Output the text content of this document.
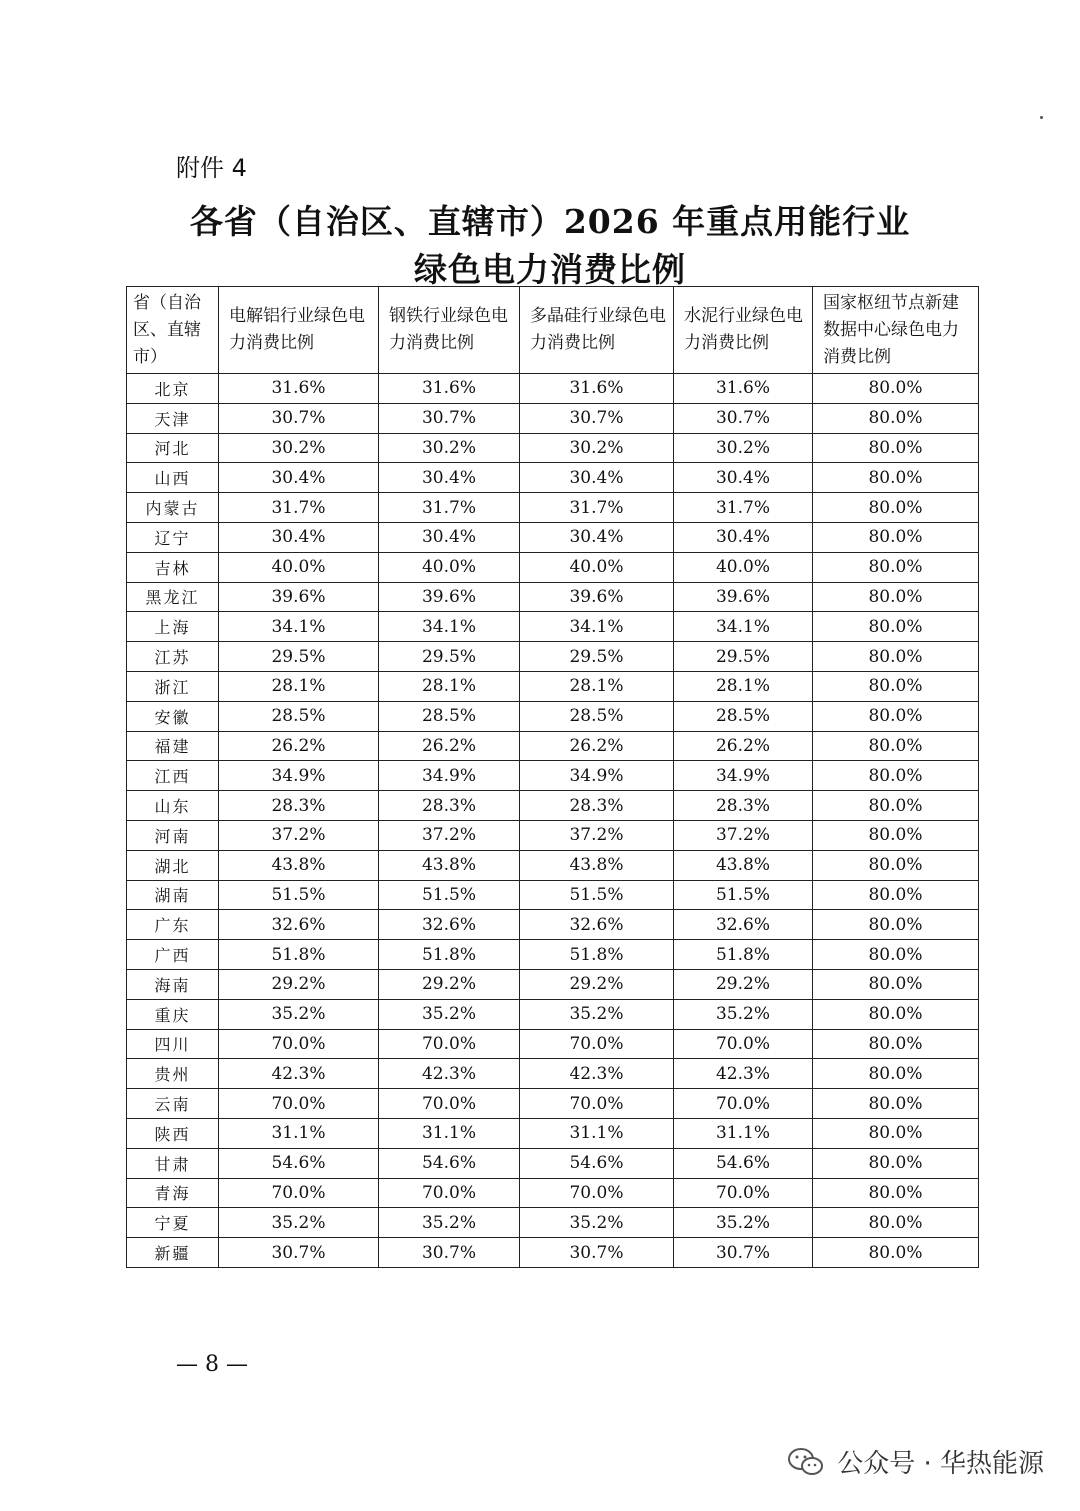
附件 4
各省（自治区、直辖市）2026 年重点用能行业
绿色电力消费比例
省（自治区、直辖市）	电解铝行业绿色电力消费比例	钢铁行业绿色电力消费比例	多晶硅行业绿色电力消费比例	水泥行业绿色电力消费比例	国家枢纽节点新建数据中心绿色电力消费比例

北京	31.6%	31.6%	31.6%	31.6%	80.0%
天津	30.7%	30.7%	30.7%	30.7%	80.0%
河北	30.2%	30.2%	30.2%	30.2%	80.0%
山西	30.4%	30.4%	30.4%	30.4%	80.0%
内蒙古	31.7%	31.7%	31.7%	31.7%	80.0%
辽宁	30.4%	30.4%	30.4%	30.4%	80.0%
吉林	40.0%	40.0%	40.0%	40.0%	80.0%
黑龙江	39.6%	39.6%	39.6%	39.6%	80.0%
上海	34.1%	34.1%	34.1%	34.1%	80.0%
江苏	29.5%	29.5%	29.5%	29.5%	80.0%
浙江	28.1%	28.1%	28.1%	28.1%	80.0%
安徽	28.5%	28.5%	28.5%	28.5%	80.0%
福建	26.2%	26.2%	26.2%	26.2%	80.0%
江西	34.9%	34.9%	34.9%	34.9%	80.0%
山东	28.3%	28.3%	28.3%	28.3%	80.0%
河南	37.2%	37.2%	37.2%	37.2%	80.0%
湖北	43.8%	43.8%	43.8%	43.8%	80.0%
湖南	51.5%	51.5%	51.5%	51.5%	80.0%
广东	32.6%	32.6%	32.6%	32.6%	80.0%
广西	51.8%	51.8%	51.8%	51.8%	80.0%
海南	29.2%	29.2%	29.2%	29.2%	80.0%
重庆	35.2%	35.2%	35.2%	35.2%	80.0%
四川	70.0%	70.0%	70.0%	70.0%	80.0%
贵州	42.3%	42.3%	42.3%	42.3%	80.0%
云南	70.0%	70.0%	70.0%	70.0%	80.0%
陕西	31.1%	31.1%	31.1%	31.1%	80.0%
甘肃	54.6%	54.6%	54.6%	54.6%	80.0%
青海	70.0%	70.0%	70.0%	70.0%	80.0%
宁夏	35.2%	35.2%	35.2%	35.2%	80.0%
新疆	30.7%	30.7%	30.7%	30.7%	80.0%
— 8 —
公众号 · 华热能源
